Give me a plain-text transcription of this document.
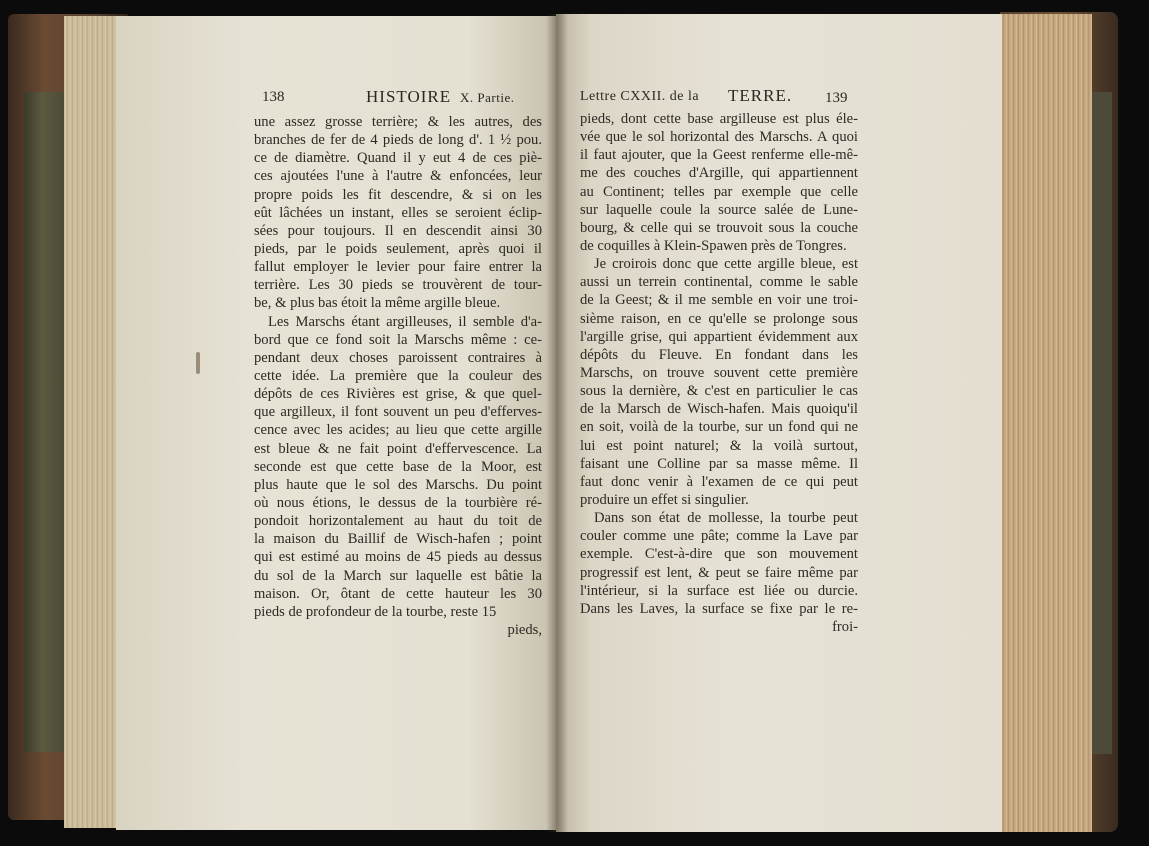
138	HISTOIRE X. Partie.	Lettre CXXII. de la TERRE. 139
une assez grosse terrière; & les autres, des
branches de fer de 4 pieds de long d'. 1 ½ pou.
ce de diamètre. Quand il y eut 4 de ces piè-
ces ajoutées l'une à l'autre & enfoncées, leur
propre poids les fit descendre, & si on les
eût lâchées un instant, elles se seroient éclip-
sées pour toujours. Il en descendit ainsi 30
pieds, par le poids seulement, après quoi il
fallut employer le levier pour faire entrer la
terrière. Les 30 pieds se trouvèrent de tour-
be, & plus bas étoit la même argille bleue.
Les Marschs étant argilleuses, il semble d'a-
bord que ce fond soit la Marschs même : ce-
pendant deux choses paroissent contraires à
cette idée. La première que la couleur des
dépôts de ces Rivières est grise, & que quel-
que argilleux, il font souvent un peu d'efferves-
cence avec les acides; au lieu que cette argille
est bleue & ne fait point d'effervescence. La
seconde est que cette base de la Moor, est
plus haute que le sol des Marschs. Du point
où nous étions, le dessus de la tourbière ré-
pondoit horizontalement au haut du toit de
la maison du Baillif de Wisch-hafen ; point
qui est estimé au moins de 45 pieds au dessus
du sol de la March sur laquelle est bâtie la
maison. Or, ôtant de cette hauteur les 30
pieds de profondeur de la tourbe, reste 15
pieds,
pieds, dont cette base argilleuse est plus éle-
vée que le sol horizontal des Marschs. A quoi
il faut ajouter, que la Geest renferme elle-mê-
me des couches d'Argille, qui appartiennent
au Continent; telles par exemple que celle
sur laquelle coule la source salée de Lune-
bourg, & celle qui se trouvoit sous la couche
de coquilles à Klein-Spawen près de Tongres.
Je croirois donc que cette argille bleue, est
aussi un terrein continental, comme le sable
de la Geest; & il me semble en voir une troi-
sième raison, en ce qu'elle se prolonge sous
l'argille grise, qui appartient évidemment aux
dépôts du Fleuve. En fondant dans les
Marschs, on trouve souvent cette première
sous la dernière, & c'est en particulier le cas
de la Marsch de Wisch-hafen. Mais quoiqu'il
en soit, voilà de la tourbe, sur un fond qui ne
lui est point naturel; & la voilà surtout,
faisant une Colline par sa masse même. Il
faut donc venir à l'examen de ce qui peut
produire un effet si singulier.
Dans son état de mollesse, la tourbe peut
couler comme une pâte; comme la Lave par
exemple. C'est-à-dire que son mouvement
progressif est lent, & peut se faire même par
l'intérieur, si la surface est liée ou durcie.
Dans les Laves, la surface se fixe par le re-
froi-
